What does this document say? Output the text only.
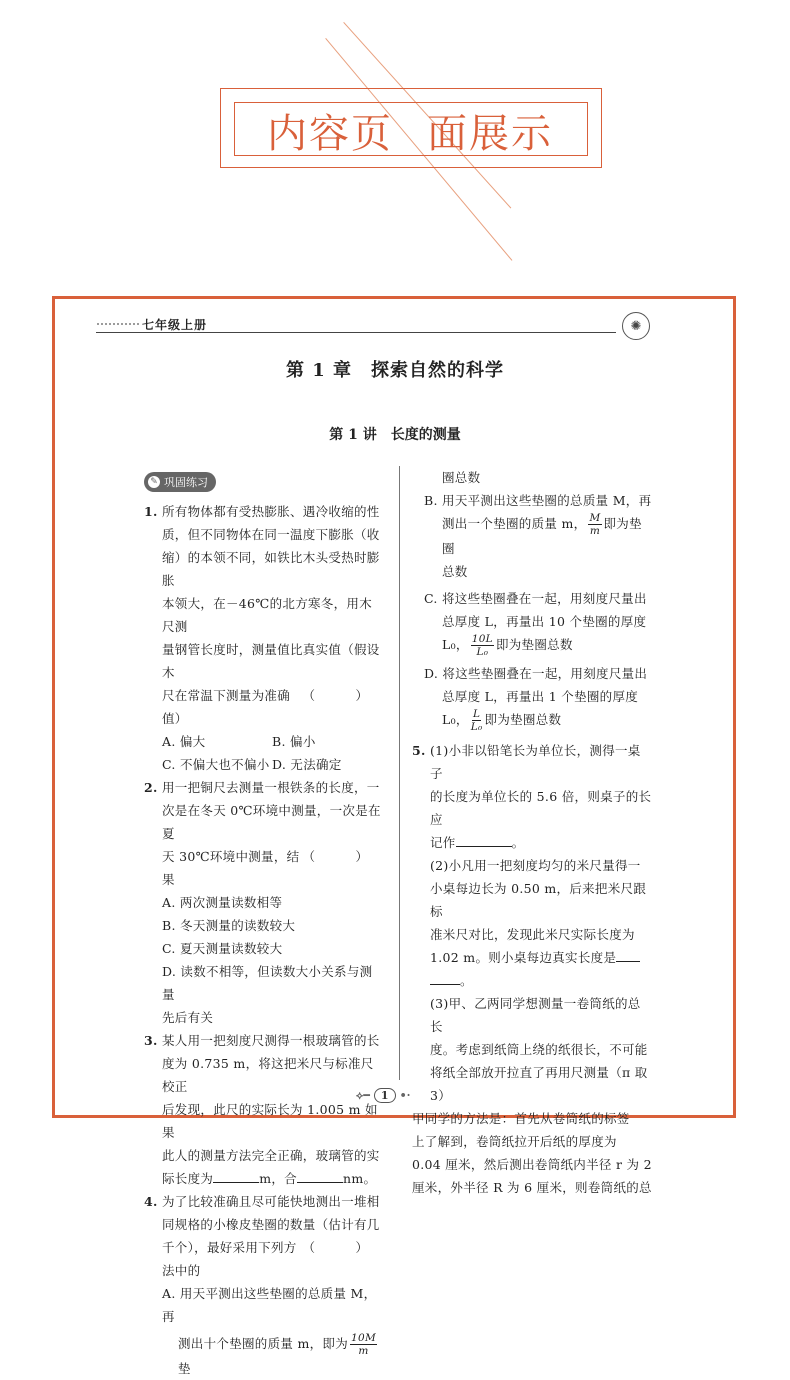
内容页 面展示
七年级上册	✺
第 1 章　探索自然的科学
第 1 讲　长度的测量
✎ 巩固练习
1. 所有物体都有受热膨胀、遇冷收缩的性
质，但不同物体在同一温度下膨胀（收
缩）的本领不同，如铁比木头受热时膨胀
本领大，在－46℃的北方寒冬，用木尺测
量钢管长度时，测量值比真实值（假设木
（　）
尺在常温下测量为准确值）
A. 偏大	B. 偏小
C. 不偏大也不偏小 D. 无法确定
2. 用一把铜尺去测量一根铁条的长度，一
次是在冬天 0℃环境中测量，一次是在夏
（　）
天 30℃环境中测量，结果
A. 两次测量读数相等
B. 冬天测量的读数较大
C. 夏天测量读数较大
D. 读数不相等，但读数大小关系与测量
先后有关
3. 某人用一把刻度尺测得一根玻璃管的长
度为 0.735 m，将这把米尺与标准尺校正
后发现，此尺的实际长为 1.005 m 如果
此人的测量方法完全正确，玻璃管的实
际长度为	m，合	nm。
4. 为了比较准确且尽可能快地测出一堆相
同规格的小橡皮垫圈的数量（估计有几
（　）
千个），最好采用下列方法中的
A. 用天平测出这些垫圈的总质量 M，再
测出十个垫圈的质量 m，即为 $\frac{10M}{m}$
垫
圈总数
B. 用天平测出这些垫圈的总质量 M，再
测出一个垫圈的质量 m， $\frac{M}{m}$ 即为垫圈
总数
C. 将这些垫圈叠在一起，用刻度尺量出
总厚度 L，再量出 10 个垫圈的厚度
L₀， $\frac{10L}{\text{L₀}}$ 即为垫圈总数
D. 将这些垫圈叠在一起，用刻度尺量出
总厚度 L，再量出 1 个垫圈的厚度
L₀， $\frac{L}{\text{L₀}}$ 即为垫圈总数
5. (1)小非以铅笔长为单位长，测得一桌子
的长度为单位长的 5.6 倍，则桌子的长应
记作	。
(2)小凡用一把刻度均匀的米尺量得一
小桌每边长为 0.50 m，后来把米尺跟标
准米尺对比，发现此米尺实际长度为
1.02 m。则小桌每边真实长度是
。
(3)甲、乙两同学想测量一卷筒纸的总长
度。考虑到纸筒上绕的纸很长，不可能
将纸全部放开拉直了再用尺测量（π 取
3）
甲同学的方法是：首先从卷筒纸的标签
上了解到，卷筒纸拉开后纸的厚度为
0.04 厘米，然后测出卷筒纸内半径 r 为 2
厘米，外半径 R 为 6 厘米，则卷筒纸的总
⟡━	1	•·
